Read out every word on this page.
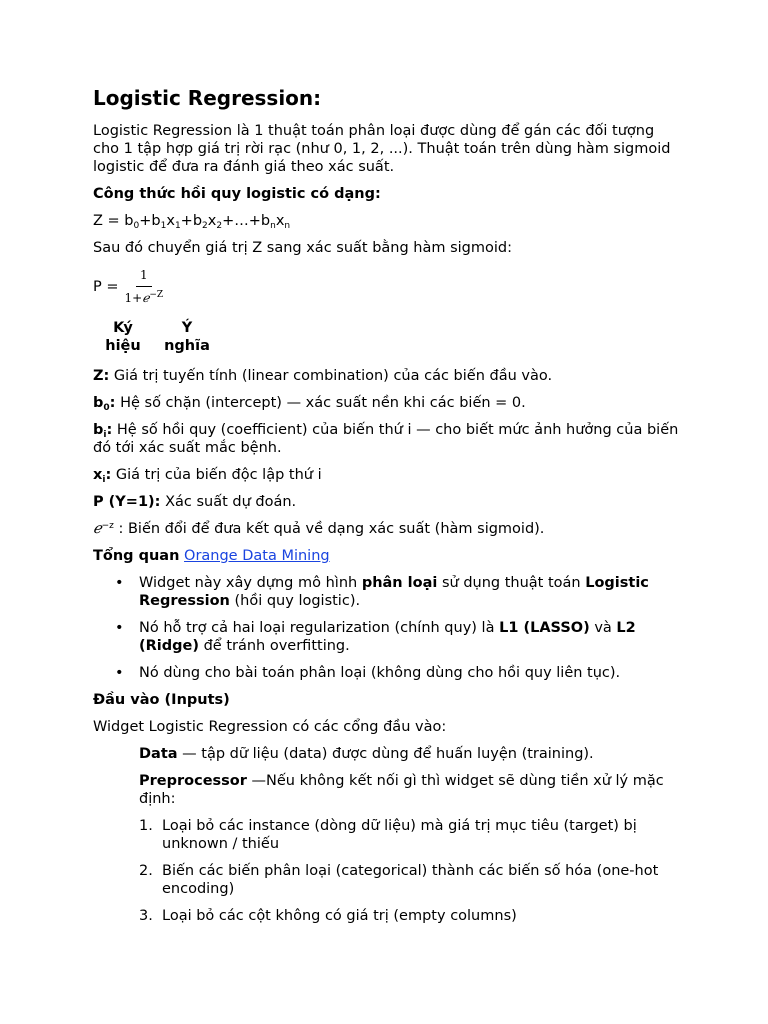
Logistic Regression:

Logistic Regression là 1 thuật toán phân loại được dùng để gán các đối tượng cho 1 tập hợp giá trị rời rạc (như 0, 1, 2, ...). Thuật toán trên dùng hàm sigmoid logistic để đưa ra đánh giá theo xác suất.

Công thức hồi quy logistic có dạng:

$Z = b_0+b_1x_1+b_2x_2+\dots+b_nx_n$

Sau đó chuyển giá trị Z sang xác suất bằng hàm sigmoid:

$P = \frac{1}{1+ℯ^{-Z}}$
Ký hiệu
Ý nghĩa

Z: Giá trị tuyến tính (linear combination) của các biến đầu vào.

$b_0$: Hệ số chặn (intercept) — xác suất nền khi các biến = 0.

$b_i$: Hệ số hồi quy (coefficient) của biến thứ i — cho biết mức ảnh hưởng của biến đó tới xác suất mắc bệnh.

$x_i$: Giá trị của biến độc lập thứ i

P (Y=1): Xác suất dự đoán.

ℯ$^{-z}$ : Biến đổi để đưa kết quả về dạng xác suất (hàm sigmoid).

Tổng quan Orange Data Mining

• Widget này xây dựng mô hình phân loại sử dụng thuật toán Logistic Regression (hồi quy logistic).
• Nó hỗ trợ cả hai loại regularization (chính quy) là L1 (LASSO) và L2 (Ridge) để tránh overfitting.
• Nó dùng cho bài toán phân loại (không dùng cho hồi quy liên tục).

Đầu vào (Inputs)

Widget Logistic Regression có các cổng đầu vào:

Data — tập dữ liệu (data) được dùng để huấn luyện (training).

Preprocessor —Nếu không kết nối gì thì widget sẽ dùng tiền xử lý mặc định:

1. Loại bỏ các instance (dòng dữ liệu) mà giá trị mục tiêu (target) bị unknown / thiếu
2. Biến các biến phân loại (categorical) thành các biến số hóa (one-hot encoding)
3. Loại bỏ các cột không có giá trị (empty columns)
